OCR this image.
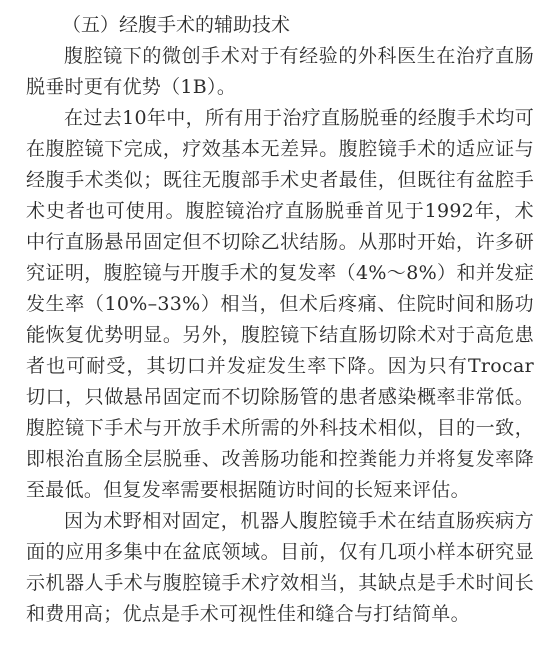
（五）经腹手术的辅助技术

腹腔镜下的微创手术对于有经验的外科医生在治疗直肠脱垂时更有优势（1B）。

在过去10年中，所有用于治疗直肠脱垂的经腹手术均可在腹腔镜下完成，疗效基本无差异。腹腔镜手术的适应证与经腹手术类似；既往无腹部手术史者最佳，但既往有盆腔手术史者也可使用。腹腔镜治疗直肠脱垂首见于1992年，术中行直肠悬吊固定但不切除乙状结肠。从那时开始，许多研究证明，腹腔镜与开腹手术的复发率（4%～8%）和并发症发生率（10%–33%）相当，但术后疼痛、住院时间和肠功能恢复优势明显。另外，腹腔镜下结直肠切除术对于高危患者也可耐受，其切口并发症发生率下降。因为只有Trocar切口，只做悬吊固定而不切除肠管的患者感染概率非常低。腹腔镜下手术与开放手术所需的外科技术相似，目的一致，即根治直肠全层脱垂、改善肠功能和控粪能力并将复发率降至最低。但复发率需要根据随访时间的长短来评估。

因为术野相对固定，机器人腹腔镜手术在结直肠疾病方面的应用多集中在盆底领域。目前，仅有几项小样本研究显示机器人手术与腹腔镜手术疗效相当，其缺点是手术时间长和费用高；优点是手术可视性佳和缝合与打结简单。
